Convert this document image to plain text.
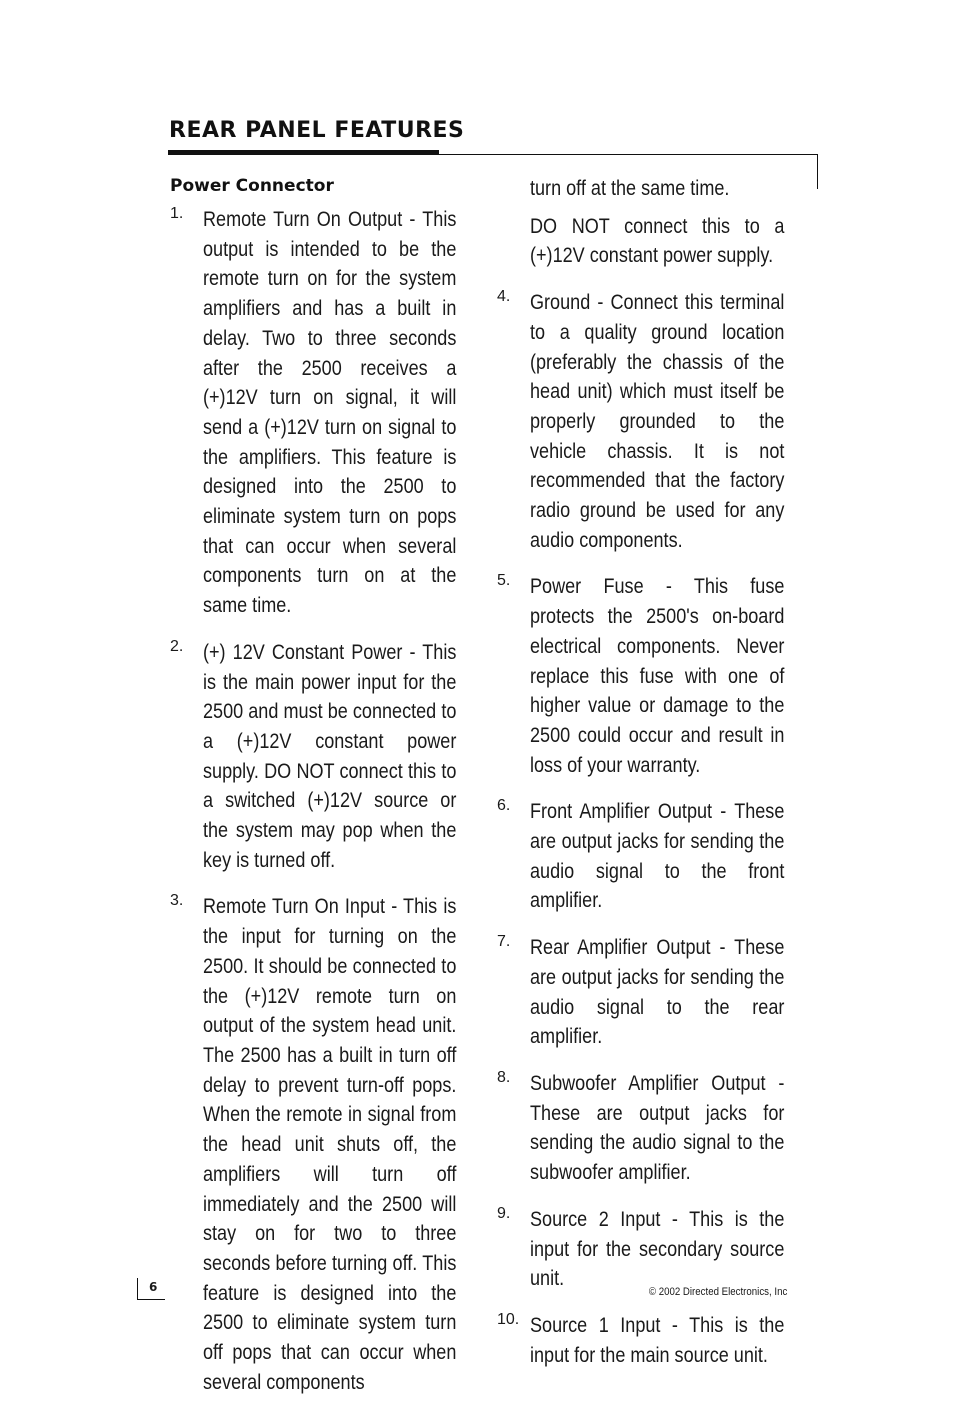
REAR PANEL FEATURES
Power Connector
1. Remote Turn On Output - This output is intended to be the remote turn on for the system amplifiers and has a built in delay. Two to three seconds after the 2500 receives a (+)12V turn on signal, it will send a (+)12V turn on signal to the amplifiers. This feature is designed into the 2500 to eliminate system turn on pops that can occur when several components turn on at the same time.
2. (+) 12V Constant Power - This is the main power input for the 2500 and must be connected to a (+)12V constant power supply. DO NOT connect this to a switched (+)12V source or the system may pop when the key is turned off.
3. Remote Turn On Input - This is the input for turning on the 2500. It should be connected to the (+)12V remote turn on output of the system head unit. The 2500 has a built in turn off delay to prevent turn-off pops. When the remote in signal from the head unit shuts off, the amplifiers will turn off immediately and the 2500 will stay on for two to three seconds before turning off. This feature is designed into the 2500 to eliminate system turn off pops that can occur when several components
turn off at the same time.
DO NOT connect this to a (+)12V constant power supply.
4. Ground - Connect this terminal to a quality ground location (preferably the chassis of the head unit) which must itself be properly grounded to the vehicle chassis. It is not recommended that the factory radio ground be used for any audio components.
5. Power Fuse - This fuse protects the 2500's on-board electrical components. Never replace this fuse with one of higher value or damage to the 2500 could occur and result in loss of your warranty.
6. Front Amplifier Output - These are output jacks for sending the audio signal to the front amplifier.
7. Rear Amplifier Output - These are output jacks for sending the audio signal to the rear amplifier.
8. Subwoofer Amplifier Output - These are output jacks for sending the audio signal to the subwoofer amplifier.
9. Source 2 Input - This is the input for the secondary source unit.
10. Source 1 Input - This is the input for the main source unit.
6	© 2002 Directed Electronics, Inc
